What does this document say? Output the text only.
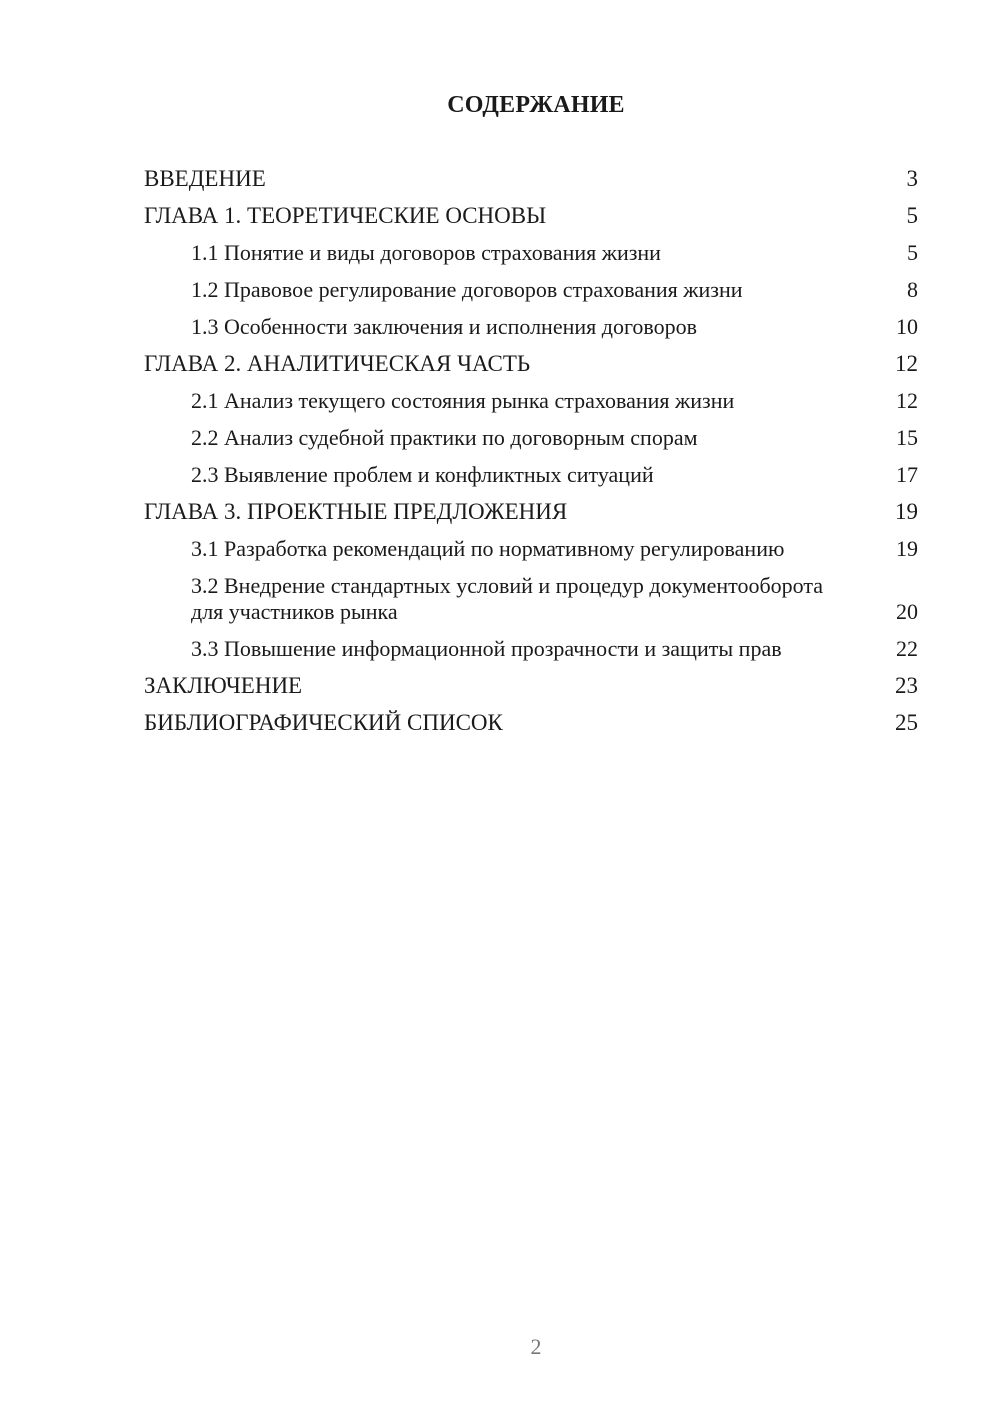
СОДЕРЖАНИЕ
ВВЕДЕНИЕ	3
ГЛАВА 1. ТЕОРЕТИЧЕСКИЕ ОСНОВЫ	5
1.1 Понятие и виды договоров страхования жизни	5
1.2 Правовое регулирование договоров страхования жизни	8
1.3 Особенности заключения и исполнения договоров	10
ГЛАВА 2. АНАЛИТИЧЕСКАЯ ЧАСТЬ	12
2.1 Анализ текущего состояния рынка страхования жизни	12
2.2 Анализ судебной практики по договорным спорам	15
2.3 Выявление проблем и конфликтных ситуаций	17
ГЛАВА 3. ПРОЕКТНЫЕ ПРЕДЛОЖЕНИЯ	19
3.1 Разработка рекомендаций по нормативному регулированию	19
3.2 Внедрение стандартных условий и процедур документооборота для участников рынка	20
3.3 Повышение информационной прозрачности и защиты прав	22
ЗАКЛЮЧЕНИЕ	23
БИБЛИОГРАФИЧЕСКИЙ СПИСОК	25
2
